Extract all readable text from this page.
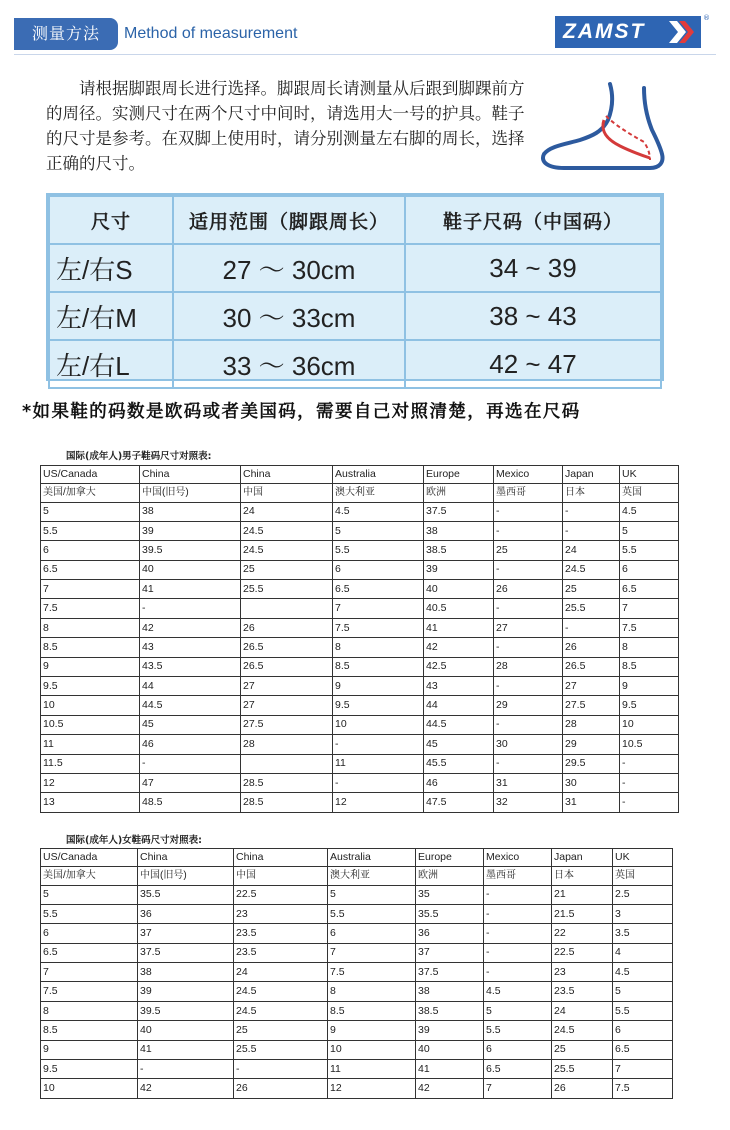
测量方法	Method of measurement	ZAMST
®

请根据脚跟周长进行选择。脚跟周长请测量从后跟到脚踝前方的周径。实测尺寸在两个尺寸中间时，请选用大一号的护具。鞋子的尺寸是参考。在双脚上使用时，请分别测量左右脚的周长，选择正确的尺寸。

尺寸	适用范围（脚跟周长）	鞋子尺码（中国码）
左/右S	27 ～ 30cm	34 ~ 39
左/右M	30 ～ 33cm	38 ~ 43
左/右L	33 ～ 36cm	42 ~ 47
*如果鞋的码数是欧码或者美国码，需要自己对照清楚，再选在尺码
国际(成年人)男子鞋码尺寸对照表:
US/Canada	China	China	Australia	Europe	Mexico	Japan	UK
美国/加拿大	中国(旧号)	中国	澳大利亚	欧洲	墨西哥	日本	英国
5	38	24	4.5	37.5	-	-	4.5
5.5	39	24.5	5	38	-	-	5
6	39.5	24.5	5.5	38.5	25	24	5.5
6.5	40	25	6	39	-	24.5	6
7	41	25.5	6.5	40	26	25	6.5
7.5	-		7	40.5	-	25.5	7
8	42	26	7.5	41	27	-	7.5
8.5	43	26.5	8	42	-	26	8
9	43.5	26.5	8.5	42.5	28	26.5	8.5
9.5	44	27	9	43	-	27	9
10	44.5	27	9.5	44	29	27.5	9.5
10.5	45	27.5	10	44.5	-	28	10
11	46	28	-	45	30	29	10.5
11.5	-		11	45.5	-	29.5	-
12	47	28.5	-	46	31	30	-
13	48.5	28.5	12	47.5	32	31	-
国际(成年人)女鞋码尺寸对照表:
US/Canada	China	China	Australia	Europe	Mexico	Japan	UK
美国/加拿大	中国(旧号)	中国	澳大利亚	欧洲	墨西哥	日本	英国
5	35.5	22.5	5	35	-	21	2.5
5.5	36	23	5.5	35.5	-	21.5	3
6	37	23.5	6	36	-	22	3.5
6.5	37.5	23.5	7	37	-	22.5	4
7	38	24	7.5	37.5	-	23	4.5
7.5	39	24.5	8	38	4.5	23.5	5
8	39.5	24.5	8.5	38.5	5	24	5.5
8.5	40	25	9	39	5.5	24.5	6
9	41	25.5	10	40	6	25	6.5
9.5	-	-	11	41	6.5	25.5	7
10	42	26	12	42	7	26	7.5
